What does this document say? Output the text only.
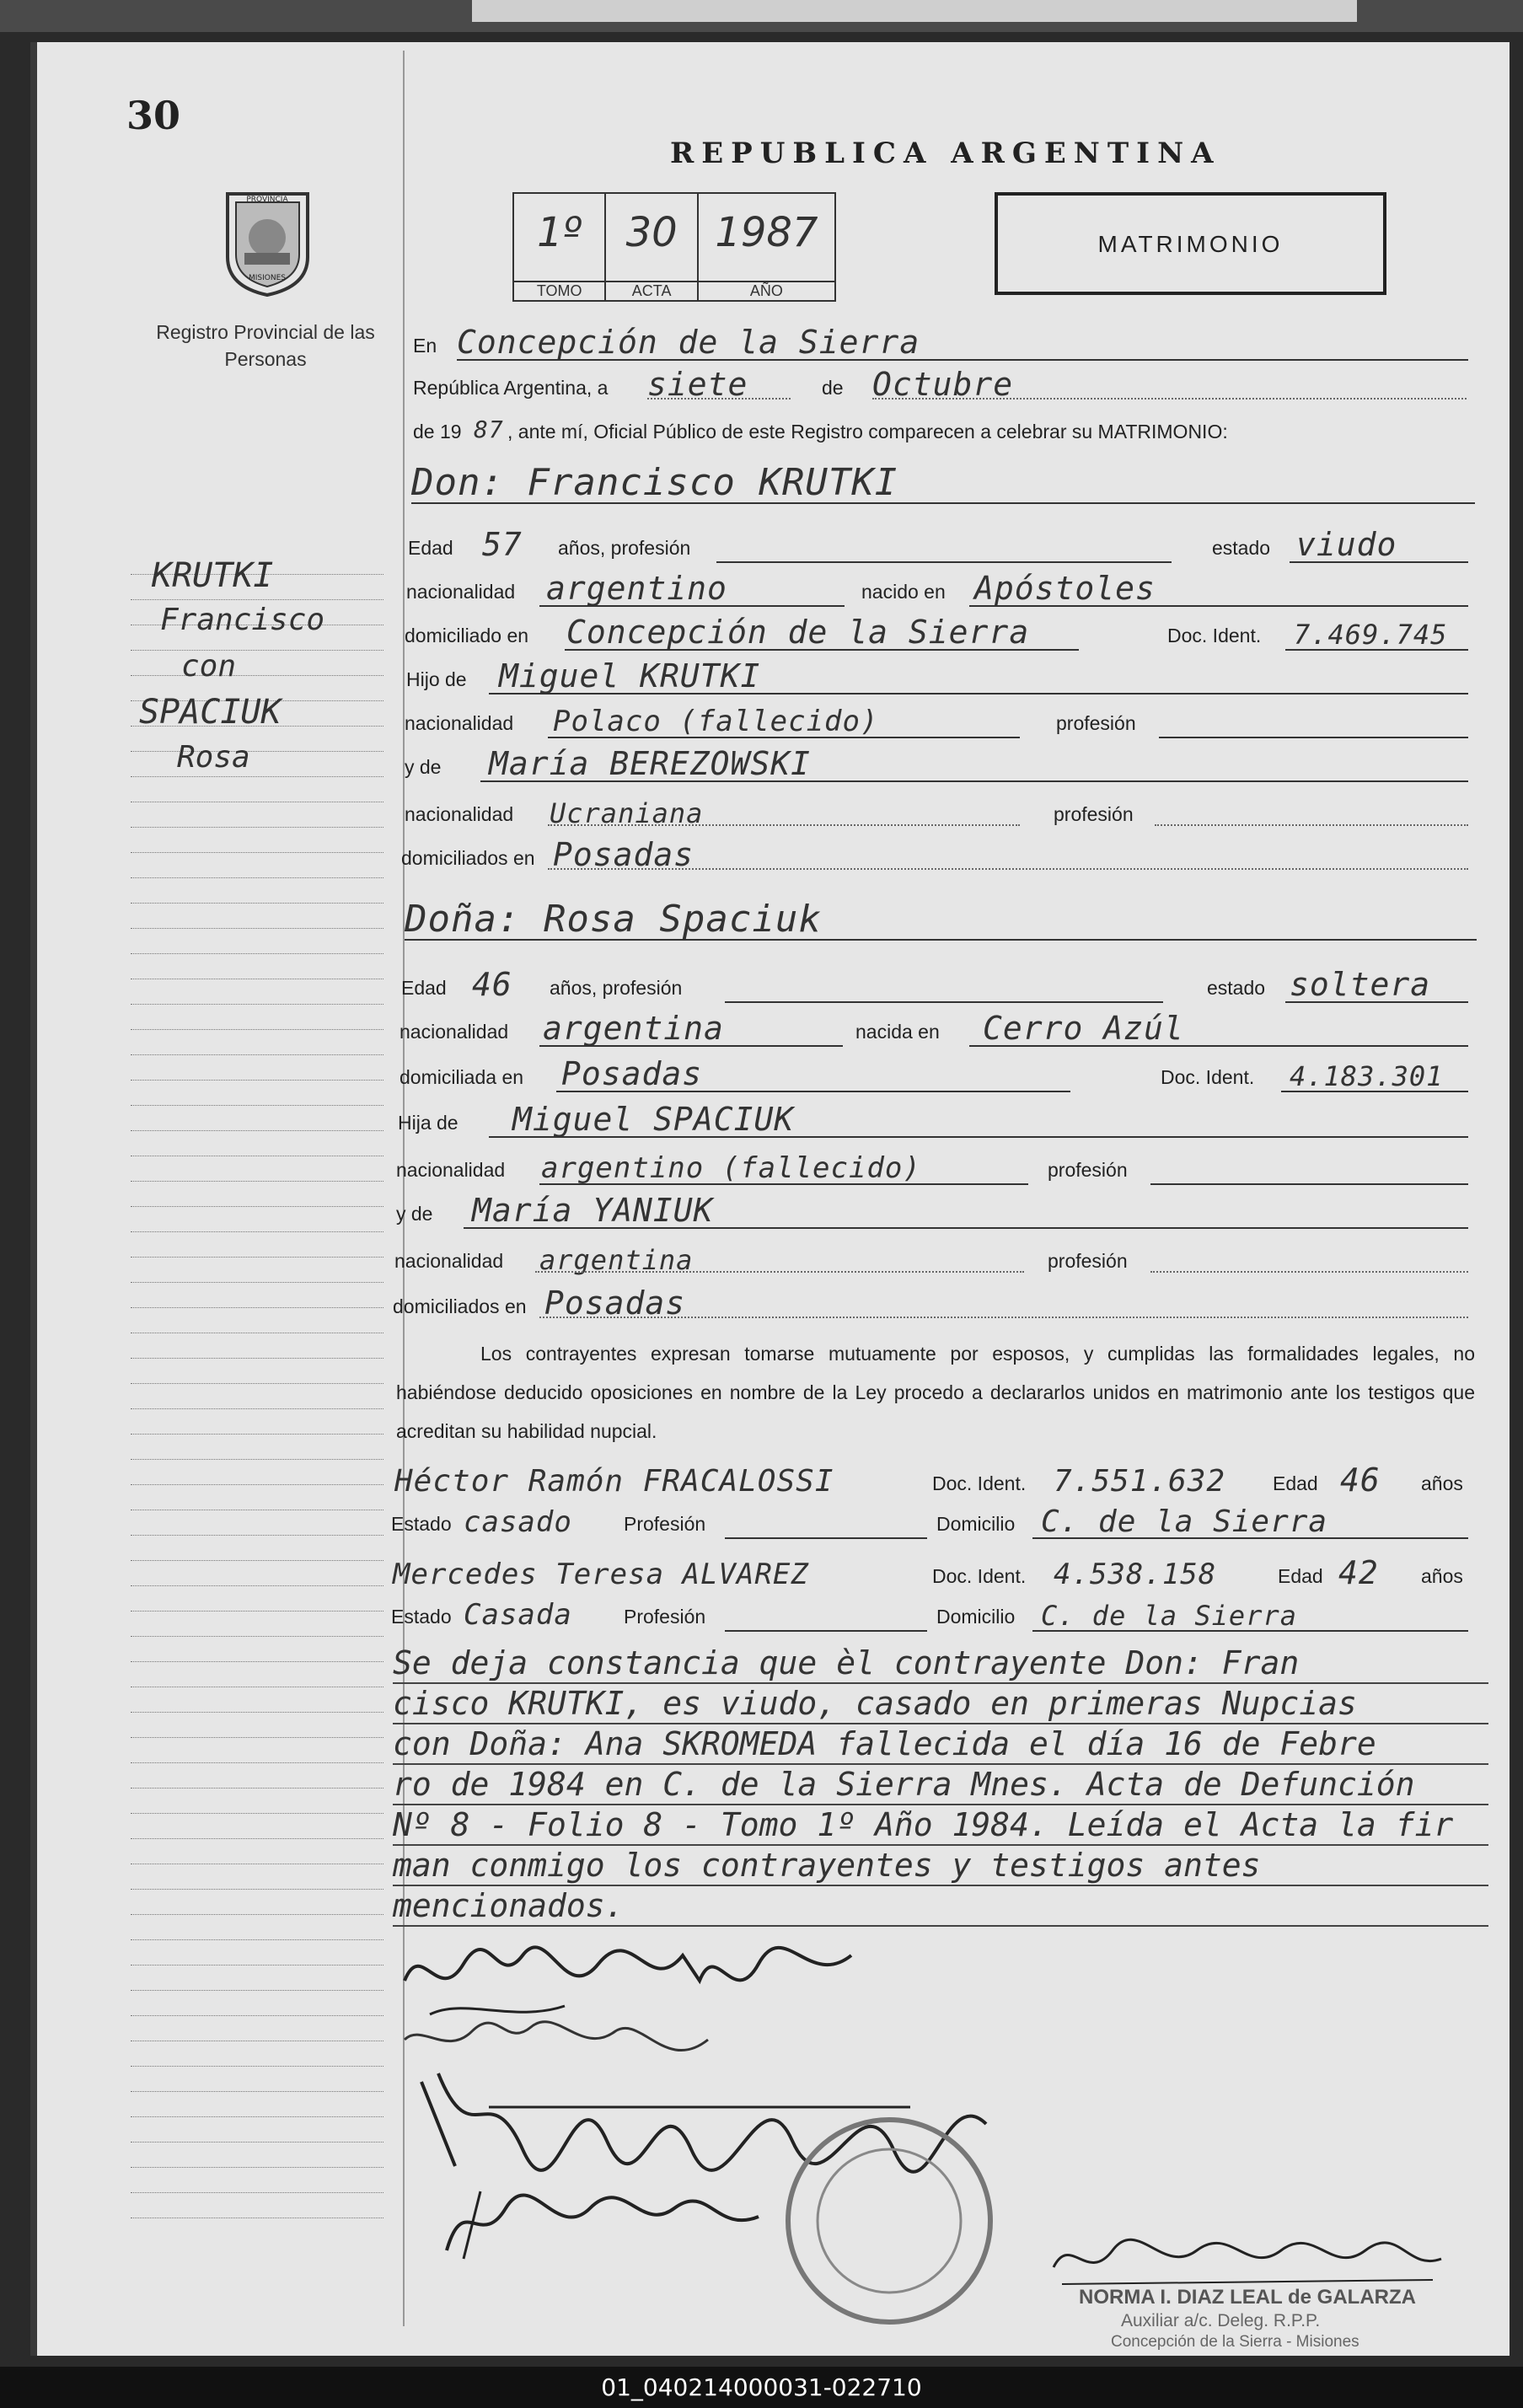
30
PROVINCIA
MISIONES
Registro Provincial de las Personas
REPUBLICA ARGENTINA
1º
TOMO
30
ACTA
1987
AÑO
MATRIMONIO
KRUTKI
Francisco
con
SPACIUK
Rosa
En Concepción de la Sierra
República Argentina, a siete	de Octubre
de 19 87 , ante mí, Oficial Público de este Registro comparecen a celebrar su MATRIMONIO:
Don: Francisco KRUTKI
Edad 57 años, profesión	estado viudo
nacionalidad argentino	nacido en Apóstoles
domiciliado en Concepción de la Sierra	Doc. Ident. 7.469.745
Hijo de Miguel KRUTKI
nacionalidad Polaco (fallecido)	profesión
y de María BEREZOWSKI
nacionalidad Ucraniana	profesión
domiciliados en Posadas
Doña: Rosa Spaciuk
Edad 46 años, profesión	estado soltera
nacionalidad argentina	nacida en Cerro Azúl
domiciliada en Posadas	Doc. Ident. 4.183.301
Hija de Miguel SPACIUK
nacionalidad argentino (fallecido)	profesión
y de María YANIUK
nacionalidad argentina	profesión
domiciliados en Posadas
Los contrayentes expresan tomarse mutuamente por esposos, y cumplidas las formalidades legales, no habiéndose deducido oposiciones en nombre de la Ley procedo a declararlos unidos en matrimonio ante los testigos que acreditan su habilidad nupcial.
Héctor Ramón FRACALOSSI	Doc. Ident. 7.551.632 Edad 46 años
Estado casado	Profesión	Domicilio C. de la Sierra
Mercedes Teresa ALVAREZ	Doc. Ident. 4.538.158	Edad 42 años
Estado Casada	Profesión	Domicilio C. de la Sierra
Se deja constancia que èl contrayente Don: Fran
cisco KRUTKI, es viudo, casado en primeras Nupcias
con Doña: Ana SKROMEDA fallecida el día 16 de Febre
ro de 1984 en C. de la Sierra Mnes. Acta de Defunción
Nº 8 - Folio 8 - Tomo 1º Año 1984. Leída el Acta la fir
man conmigo los contrayentes y testigos antes
mencionados.
NORMA I. DIAZ LEAL de GALARZA
Auxiliar a/c. Deleg. R.P.P.
Concepción de la Sierra - Misiones
01_040214000031-022710
